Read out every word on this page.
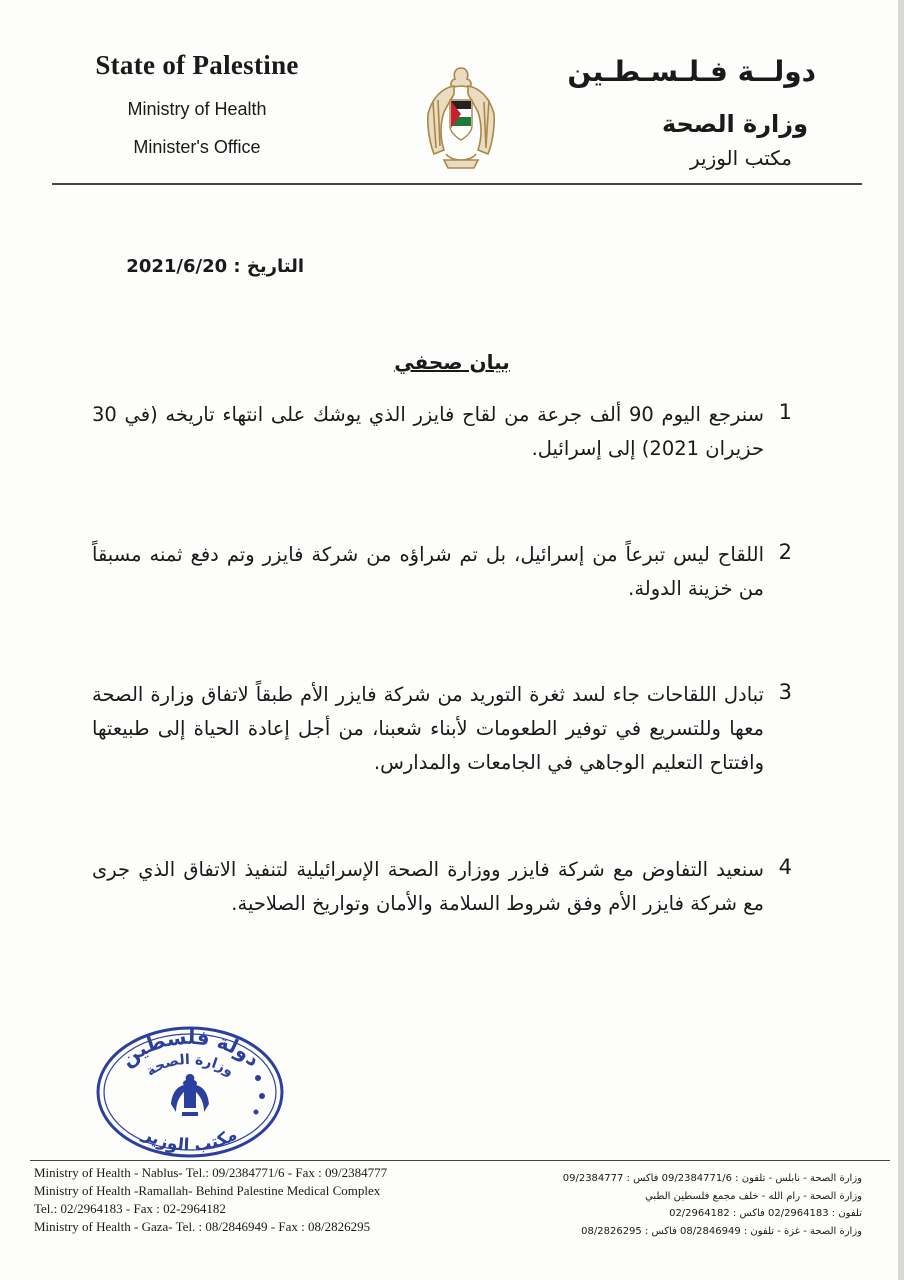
State of Palestine
Ministry of Health
Minister's Office
دولــة فـلـسـطـين
وزارة الصحة
مكتب الوزير
التاريخ : 2021/6/20
بيان صحفي
1
سنرجع اليوم 90 ألف جرعة من لقاح فايزر الذي يوشك على انتهاء تاريخه (في 30 حزيران 2021) إلى إسرائيل.
2
اللقاح ليس تبرعاً من إسرائيل، بل تم شراؤه من شركة فايزر وتم دفع ثمنه مسبقاً من خزينة الدولة.
3
تبادل اللقاحات جاء لسد ثغرة التوريد من شركة فايزر الأم طبقاً لاتفاق وزارة الصحة معها وللتسريع في توفير الطعومات لأبناء شعبنا، من أجل إعادة الحياة إلى طبيعتها وافتتاح التعليم الوجاهي في الجامعات والمدارس.
4
سنعيد التفاوض مع شركة فايزر ووزارة الصحة الإسرائيلية لتنفيذ الاتفاق الذي جرى مع شركة فايزر الأم وفق شروط السلامة والأمان وتواريخ الصلاحية.
دولة فلسطين
وزارة الصحة
مكتب الوزير
Ministry of Health - Nablus- Tel.: 09/2384771/6 - Fax : 09/2384777
Ministry of Health -Ramallah- Behind Palestine Medical Complex
Tel.: 02/2964183 - Fax : 02-2964182
Ministry of Health - Gaza- Tel. : 08/2846949 - Fax : 08/2826295
وزارة الصحة - نابلس - تلفون : 09/2384771/6 فاكس : 09/2384777
وزارة الصحة - رام الله - خلف مجمع فلسطين الطبي
تلفون : 02/2964183 فاكس : 02/2964182
وزارة الصحة - غزة - تلفون : 08/2846949 فاكس : 08/2826295
